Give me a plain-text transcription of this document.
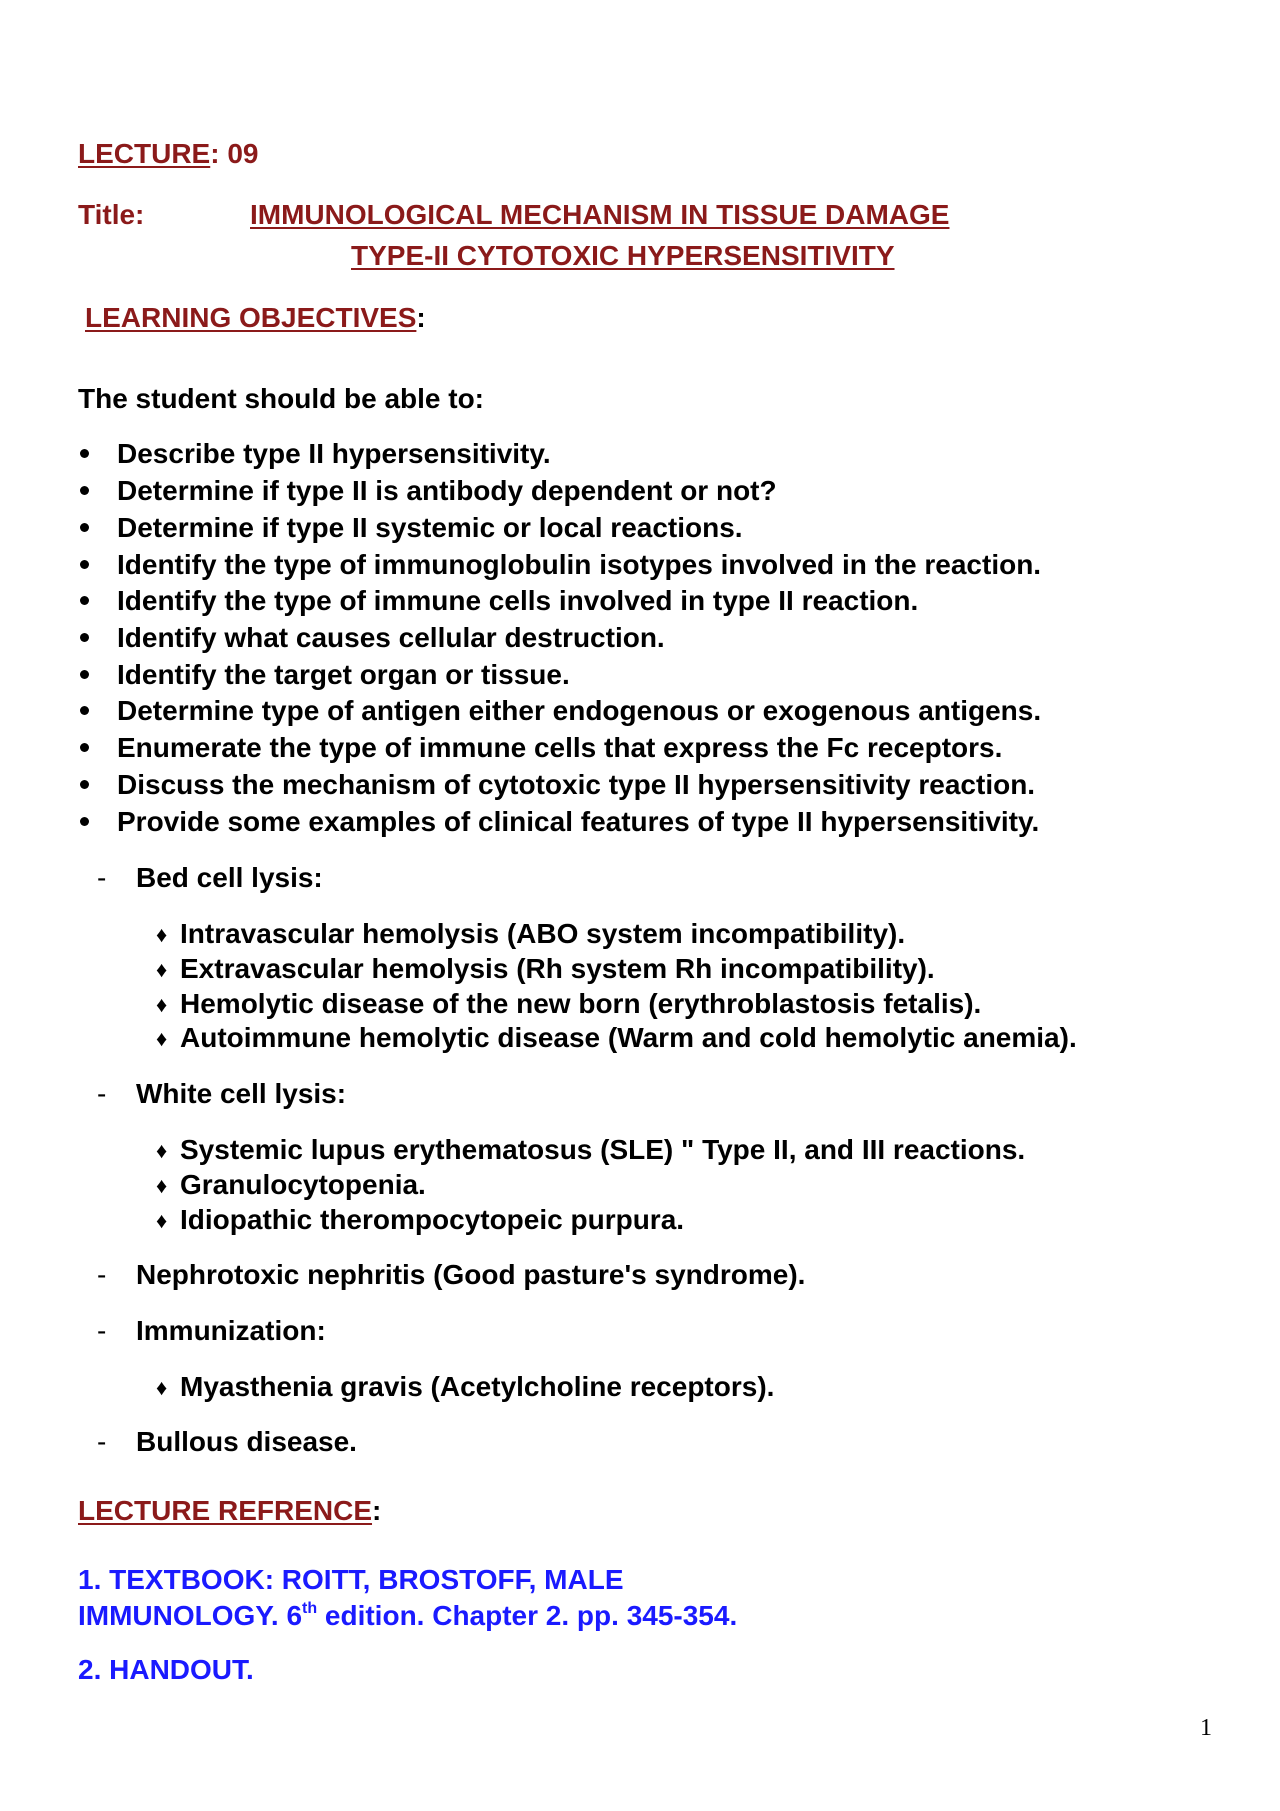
LECTURE: 09
Title:	IMMUNOLOGICAL MECHANISM IN TISSUE DAMAGE
TYPE-II CYTOTOXIC HYPERSENSITIVITY
LEARNING OBJECTIVES:
The student should be able to:
Describe type II hypersensitivity.
Determine if type II is antibody dependent or not?
Determine if type II systemic or local reactions.
Identify the type of immunoglobulin isotypes involved in the reaction.
Identify the type of immune cells involved in type II reaction.
Identify what causes cellular destruction.
Identify the target organ or tissue.
Determine type of antigen either endogenous or exogenous antigens.
Enumerate the type of immune cells that express the Fc receptors.
Discuss the mechanism of cytotoxic type II hypersensitivity reaction.
Provide some examples of clinical features of type II hypersensitivity.
- Bed cell lysis:
♦ Intravascular hemolysis (ABO system incompatibility).
♦ Extravascular hemolysis (Rh system Rh incompatibility).
♦ Hemolytic disease of the new born (erythroblastosis fetalis).
♦ Autoimmune hemolytic disease (Warm and cold hemolytic anemia).
- White cell lysis:
♦ Systemic lupus erythematosus (SLE) " Type II, and III reactions.
♦ Granulocytopenia.
♦ Idiopathic therompocytopeic purpura.
- Nephrotoxic nephritis (Good pasture's syndrome).
- Immunization:
♦ Myasthenia gravis (Acetylcholine receptors).
- Bullous disease.
LECTURE REFRENCE:
1. TEXTBOOK: ROITT, BROSTOFF, MALE
IMMUNOLOGY. 6th edition. Chapter 2. pp. 345-354.
2. HANDOUT.
1
